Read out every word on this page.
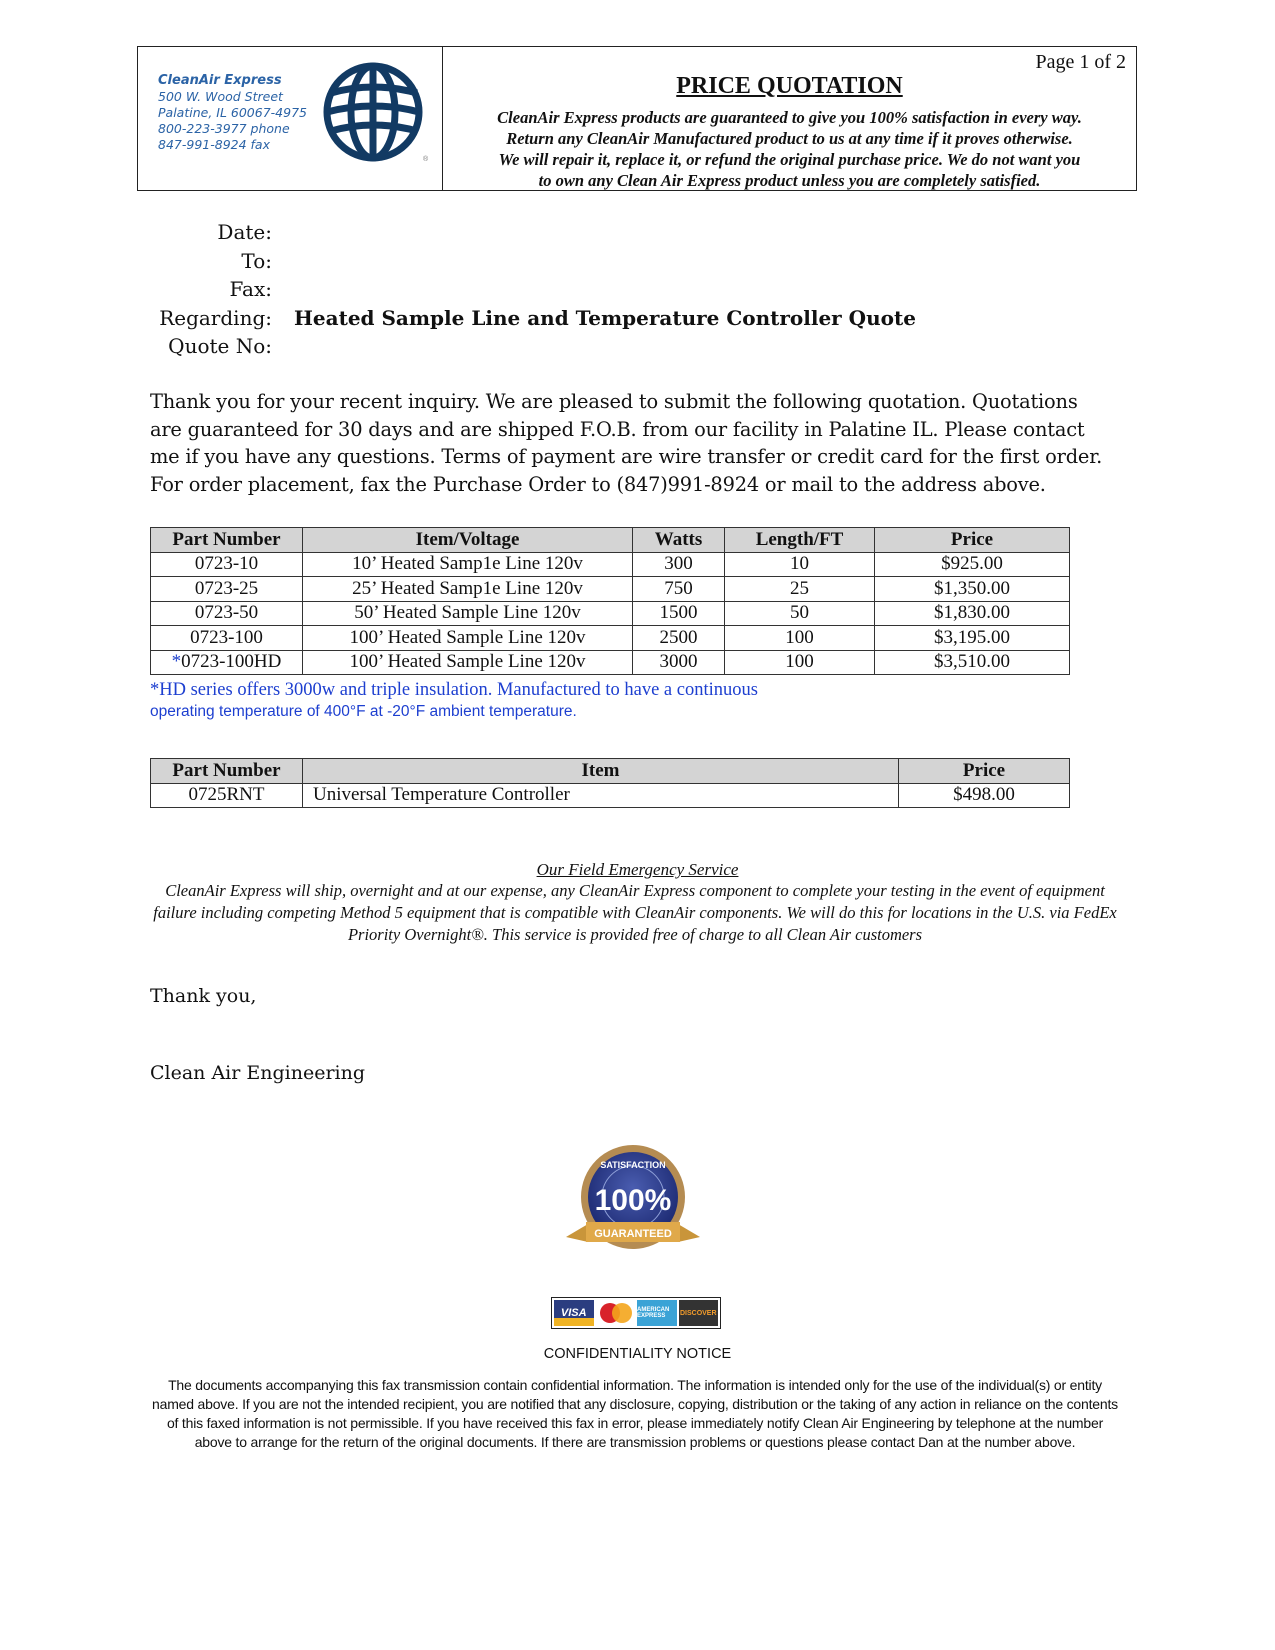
CleanAir Express
500 W. Wood Street
Palatine, IL 60067-4975
800-223-3977 phone
847-991-8924 fax
®
Page 1 of 2
PRICE QUOTATION
CleanAir Express products are guaranteed to give you 100% satisfaction in every way.
Return any CleanAir Manufactured product to us at any time if it proves otherwise.
We will repair it, replace it, or refund the original purchase price. We do not want you
to own any Clean Air Express product unless you are completely satisfied.
Date:
To:
Fax:
Regarding:	Heated Sample Line and Temperature Controller Quote
Quote No:
Thank you for your recent inquiry. We are pleased to submit the following quotation. Quotations are guaranteed for 30 days and are shipped F.O.B. from our facility in Palatine IL. Please contact me if you have any questions. Terms of payment are wire transfer or credit card for the first order. For order placement, fax the Purchase Order to (847)991-8924 or mail to the address above.
Part Number	Item/Voltage	Watts	Length/FT	Price
0723-10	10’ Heated Samp1e Line 120v	300	10	$925.00
0723-25	25’ Heated Samp1e Line 120v	750	25	$1,350.00
0723-50	50’ Heated Sample Line 120v	1500	50	$1,830.00
0723-100	100’ Heated Sample Line 120v	2500	100	$3,195.00
*0723-100HD	100’ Heated Sample Line 120v	3000	100	$3,510.00
*HD series offers 3000w and triple insulation. Manufactured to have a continuous
operating temperature of 400°F at -20°F ambient temperature.
Part Number	Item	Price
0725RNT	Universal Temperature Controller	$498.00
Our Field Emergency Service
CleanAir Express will ship, overnight and at our expense, any CleanAir Express component to complete your testing in the event of equipment failure including competing Method 5 equipment that is compatible with CleanAir components. We will do this for locations in the U.S. via FedEx Priority Overnight®. This service is provided free of charge to all Clean Air customers
Thank you,
Clean Air Engineering
SATISFACTION
100%
GUARANTEED
VISA	AMERICAN EXPRESS	DISCOVER
CONFIDENTIALITY NOTICE
The documents accompanying this fax transmission contain confidential information. The information is intended only for the use of the individual(s) or entity named above. If you are not the intended recipient, you are notified that any disclosure, copying, distribution or the taking of any action in reliance on the contents of this faxed information is not permissible. If you have received this fax in error, please immediately notify Clean Air Engineering by telephone at the number above to arrange for the return of the original documents. If there are transmission problems or questions please contact Dan at the number above.
